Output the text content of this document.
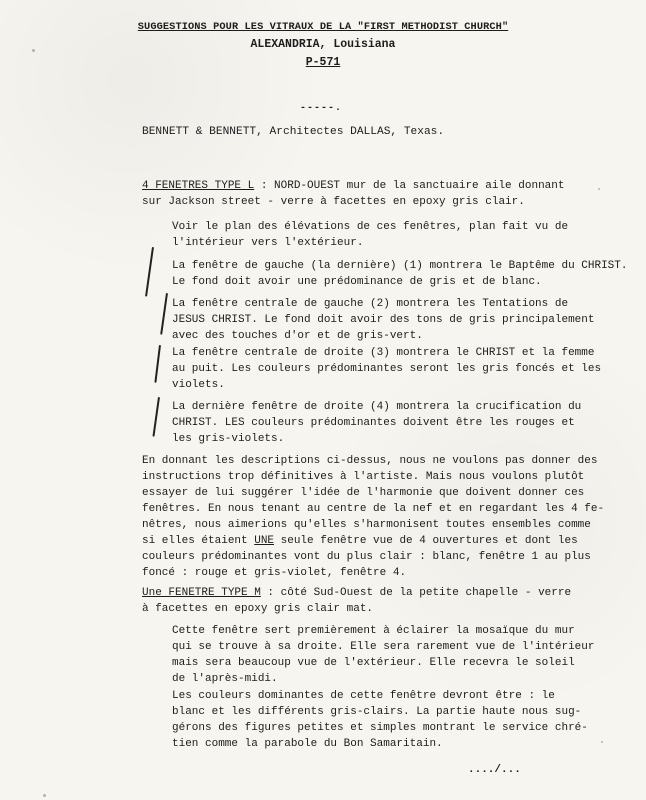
SUGGESTIONS POUR LES VITRAUX DE LA "FIRST METHODIST CHURCH"
ALEXANDRIA, Louisiana
P-571
-----.
BENNETT & BENNETT, Architectes DALLAS, Texas.
4 FENETRES TYPE L : NORD-OUEST mur de la sanctuaire aile donnant
sur Jackson street - verre à facettes en epoxy gris clair.
Voir le plan des élévations de ces fenêtres, plan fait vu de
l'intérieur vers l'extérieur.
La fenêtre de gauche (la dernière) (1) montrera le Baptême du CHRIST.
Le fond doit avoir une prédominance de gris et de blanc.
La fenêtre centrale de gauche (2) montrera les Tentations de
JESUS CHRIST. Le fond doit avoir des tons de gris principalement
avec des touches d'or et de gris-vert.
La fenêtre centrale de droite (3) montrera le CHRIST et la femme
au puit. Les couleurs prédominantes seront les gris foncés et les
violets.
La dernière fenêtre de droite (4) montrera la crucification du
CHRIST. LES couleurs prédominantes doivent être les rouges et
les gris-violets.
En donnant les descriptions ci-dessus, nous ne voulons pas donner des
instructions trop définitives à l'artiste. Mais nous voulons plutôt
essayer de lui suggérer l'idée de l'harmonie que doivent donner ces
fenêtres. En nous tenant au centre de la nef et en regardant les 4 fe-
nêtres, nous aimerions qu'elles s'harmonisent toutes ensembles comme
si elles étaient UNE seule fenêtre vue de 4 ouvertures et dont les
couleurs prédominantes vont du plus clair : blanc, fenêtre 1 au plus
foncé : rouge et gris-violet, fenêtre 4.
Une FENETRE TYPE M : côté Sud-Ouest de la petite chapelle - verre
à facettes en epoxy gris clair mat.
Cette fenêtre sert premièrement à éclairer la mosaïque du mur
qui se trouve à sa droite. Elle sera rarement vue de l'intérieur
mais sera beaucoup vue de l'extérieur. Elle recevra le soleil
de l'après-midi.
Les couleurs dominantes de cette fenêtre devront être : le
blanc et les différents gris-clairs. La partie haute nous sug-
gérons des figures petites et simples montrant le service chré-
tien comme la parabole du Bon Samaritain.
..../...
